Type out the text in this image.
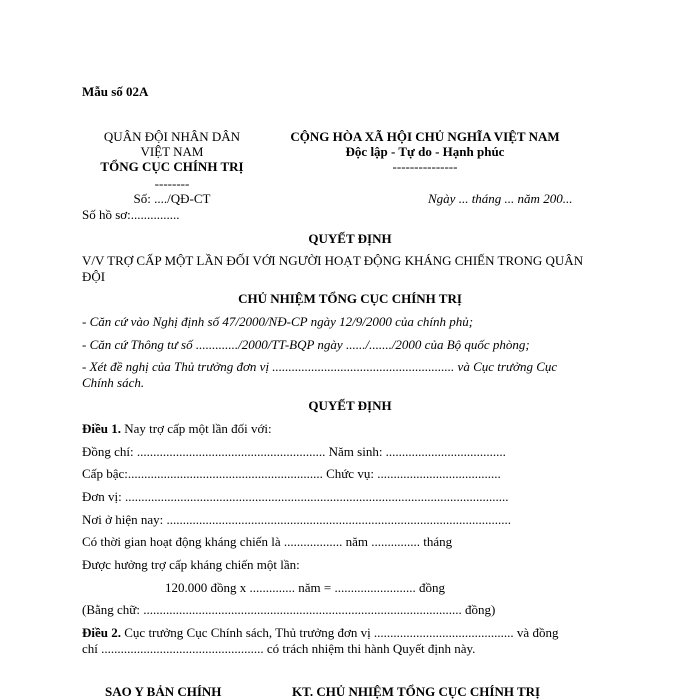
Mẫu số 02A
QUÂN ĐỘI NHÂN DÂN
VIỆT NAM
TỔNG CỤC CHÍNH TRỊ
--------
Số: ..../QĐ-CT
Số hồ sơ:...............
CỘNG HÒA XÃ HỘI CHỦ NGHĨA VIỆT NAM
Độc lập - Tự do - Hạnh phúc
---------------
Ngày ... tháng ... năm 200...
QUYẾT ĐỊNH
V/V TRỢ CẤP MỘT LẦN ĐỐI VỚI NGƯỜI HOẠT ĐỘNG KHÁNG CHIẾN TRONG QUÂN
ĐỘI
CHỦ NHIỆM TỔNG CỤC CHÍNH TRỊ
- Căn cứ vào Nghị định số 47/2000/NĐ-CP ngày 12/9/2000 của chính phủ;
- Căn cứ Thông tư số ............./2000/TT-BQP ngày ....../......./2000 của Bộ quốc phòng;
- Xét đề nghị của Thủ trưởng đơn vị ........................................................ và Cục trưởng Cục
Chính sách.
QUYẾT ĐỊNH
Điều 1. Nay trợ cấp một lần đối với:
Đồng chí: .......................................................... Năm sinh: .....................................
Cấp bậc:............................................................ Chức vụ: ......................................
Đơn vị: ......................................................................................................................
Nơi ở hiện nay: ..........................................................................................................
Có thời gian hoạt động kháng chiến là .................. năm ............... tháng
Được hưởng trợ cấp kháng chiến một lần:
120.000 đồng x .............. năm = ......................... đồng
(Bằng chữ: .................................................................................................. đồng)
Điều 2. Cục trưởng Cục Chính sách, Thủ trưởng đơn vị ........................................... và đồng
chí .................................................. có trách nhiệm thi hành Quyết định này.
SAO Y BẢN CHÍNH	KT. CHỦ NHIỆM TỔNG CỤC CHÍNH TRỊ
